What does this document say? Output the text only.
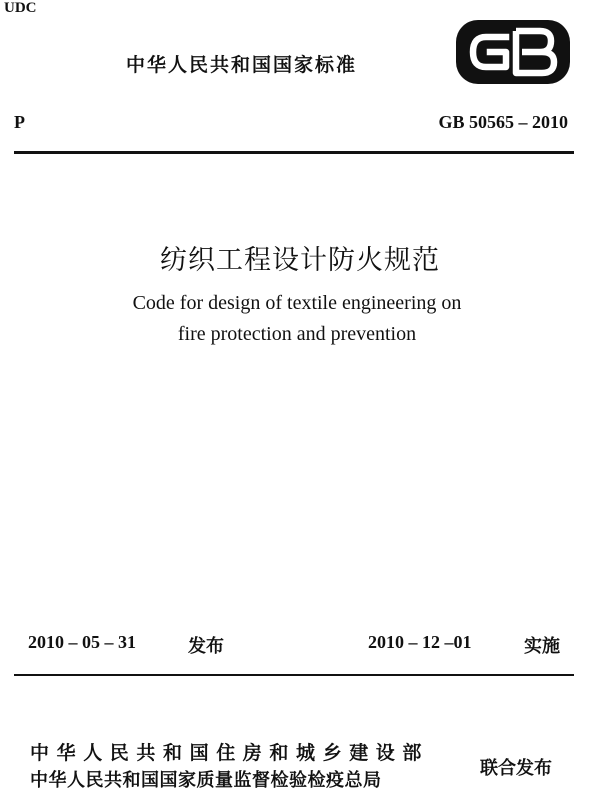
UDC
中华人民共和国国家标准
P	GB 50565 – 2010
纺织工程设计防火规范
Code for design of textile engineering on
fire protection and prevention
2010 – 05 – 31	发布	2010 – 12 –01	实施
中华人民共和国住房和城乡建设部
中华人民共和国国家质量监督检验检疫总局
联合发布
